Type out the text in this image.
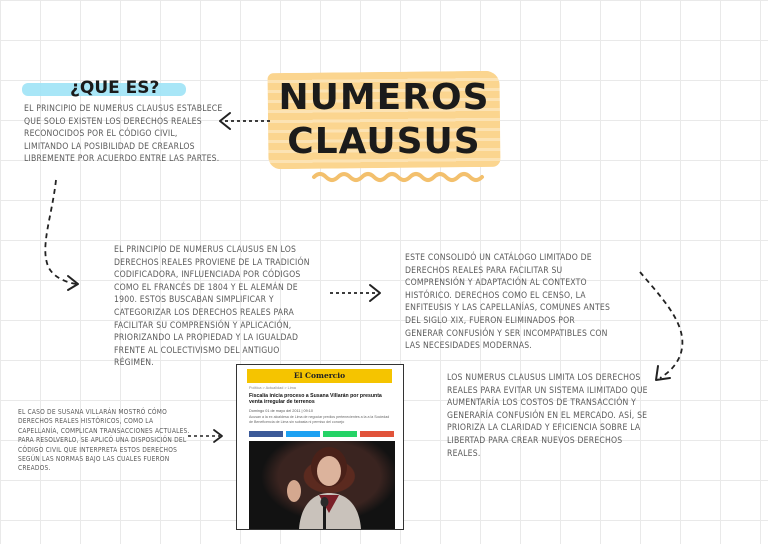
NUMEROS
CLAUSUS
¿QUE ES?
EL PRINCIPIO DE NUMERUS CLAUSUS ESTABLECE QUE SOLO EXISTEN LOS DERECHOS REALES RECONOCIDOS POR EL CÓDIGO CIVIL, LIMITANDO LA POSIBILIDAD DE CREARLOS LIBREMENTE POR ACUERDO ENTRE LAS PARTES.
EL PRINCIPIO DE NUMERUS CLAUSUS EN LOS DERECHOS REALES PROVIENE DE LA TRADICIÓN CODIFICADORA, INFLUENCIADA POR CÓDIGOS COMO EL FRANCÉS DE 1804 Y EL ALEMÁN DE 1900. ESTOS BUSCABAN SIMPLIFICAR Y CATEGORIZAR LOS DERECHOS REALES PARA FACILITAR SU COMPRENSIÓN Y APLICACIÓN, PRIORIZANDO LA PROPIEDAD Y LA IGUALDAD FRENTE AL COLECTIVISMO DEL ANTIGUO RÉGIMEN.
ESTE CONSOLIDÓ UN CATÁLOGO LIMITADO DE DERECHOS REALES PARA FACILITAR SU COMPRENSIÓN Y ADAPTACIÓN AL CONTEXTO HISTÓRICO. DERECHOS COMO EL CENSO, LA ENFITEUSIS Y LAS CAPELLANÍAS, COMUNES ANTES DEL SIGLO XIX, FUERON ELIMINADOS POR GENERAR CONFUSIÓN Y SER INCOMPATIBLES CON LAS NECESIDADES MODERNAS.
LOS NUMERUS CLAUSUS LIMITA LOS DERECHOS REALES PARA EVITAR UN SISTEMA ILIMITADO QUE AUMENTARÍA LOS COSTOS DE TRANSACCIÓN Y GENERARÍA CONFUSIÓN EN EL MERCADO. ASÍ, SE PRIORIZA LA CLARIDAD Y EFICIENCIA SOBRE LA LIBERTAD PARA CREAR NUEVOS DERECHOS REALES.
EL CASO DE SUSANA VILLARÁN MOSTRÓ CÓMO DERECHOS REALES HISTÓRICOS, COMO LA CAPELLANÍA, COMPLICAN TRANSACCIONES ACTUALES. PARA RESOLVERLO, SE APLICÓ UNA DISPOSICIÓN DEL CÓDIGO CIVIL QUE INTERPRETA ESTOS DERECHOS SEGÚN LAS NORMAS BAJO LAS CUALES FUERON CREADOS.
El Comercio
Política > Actualidad > Lima
Fiscalía inicia proceso a Susana Villarán por presunta venta irregular de terrenos
Domingo 01 de mayo del 2011 | 09:10
Acusan a la ex alcaldesa de Lima de negociar predios pertenecientes a la a la Sociedad de Beneficencia de Lima sin subasta ni permiso del concejo
